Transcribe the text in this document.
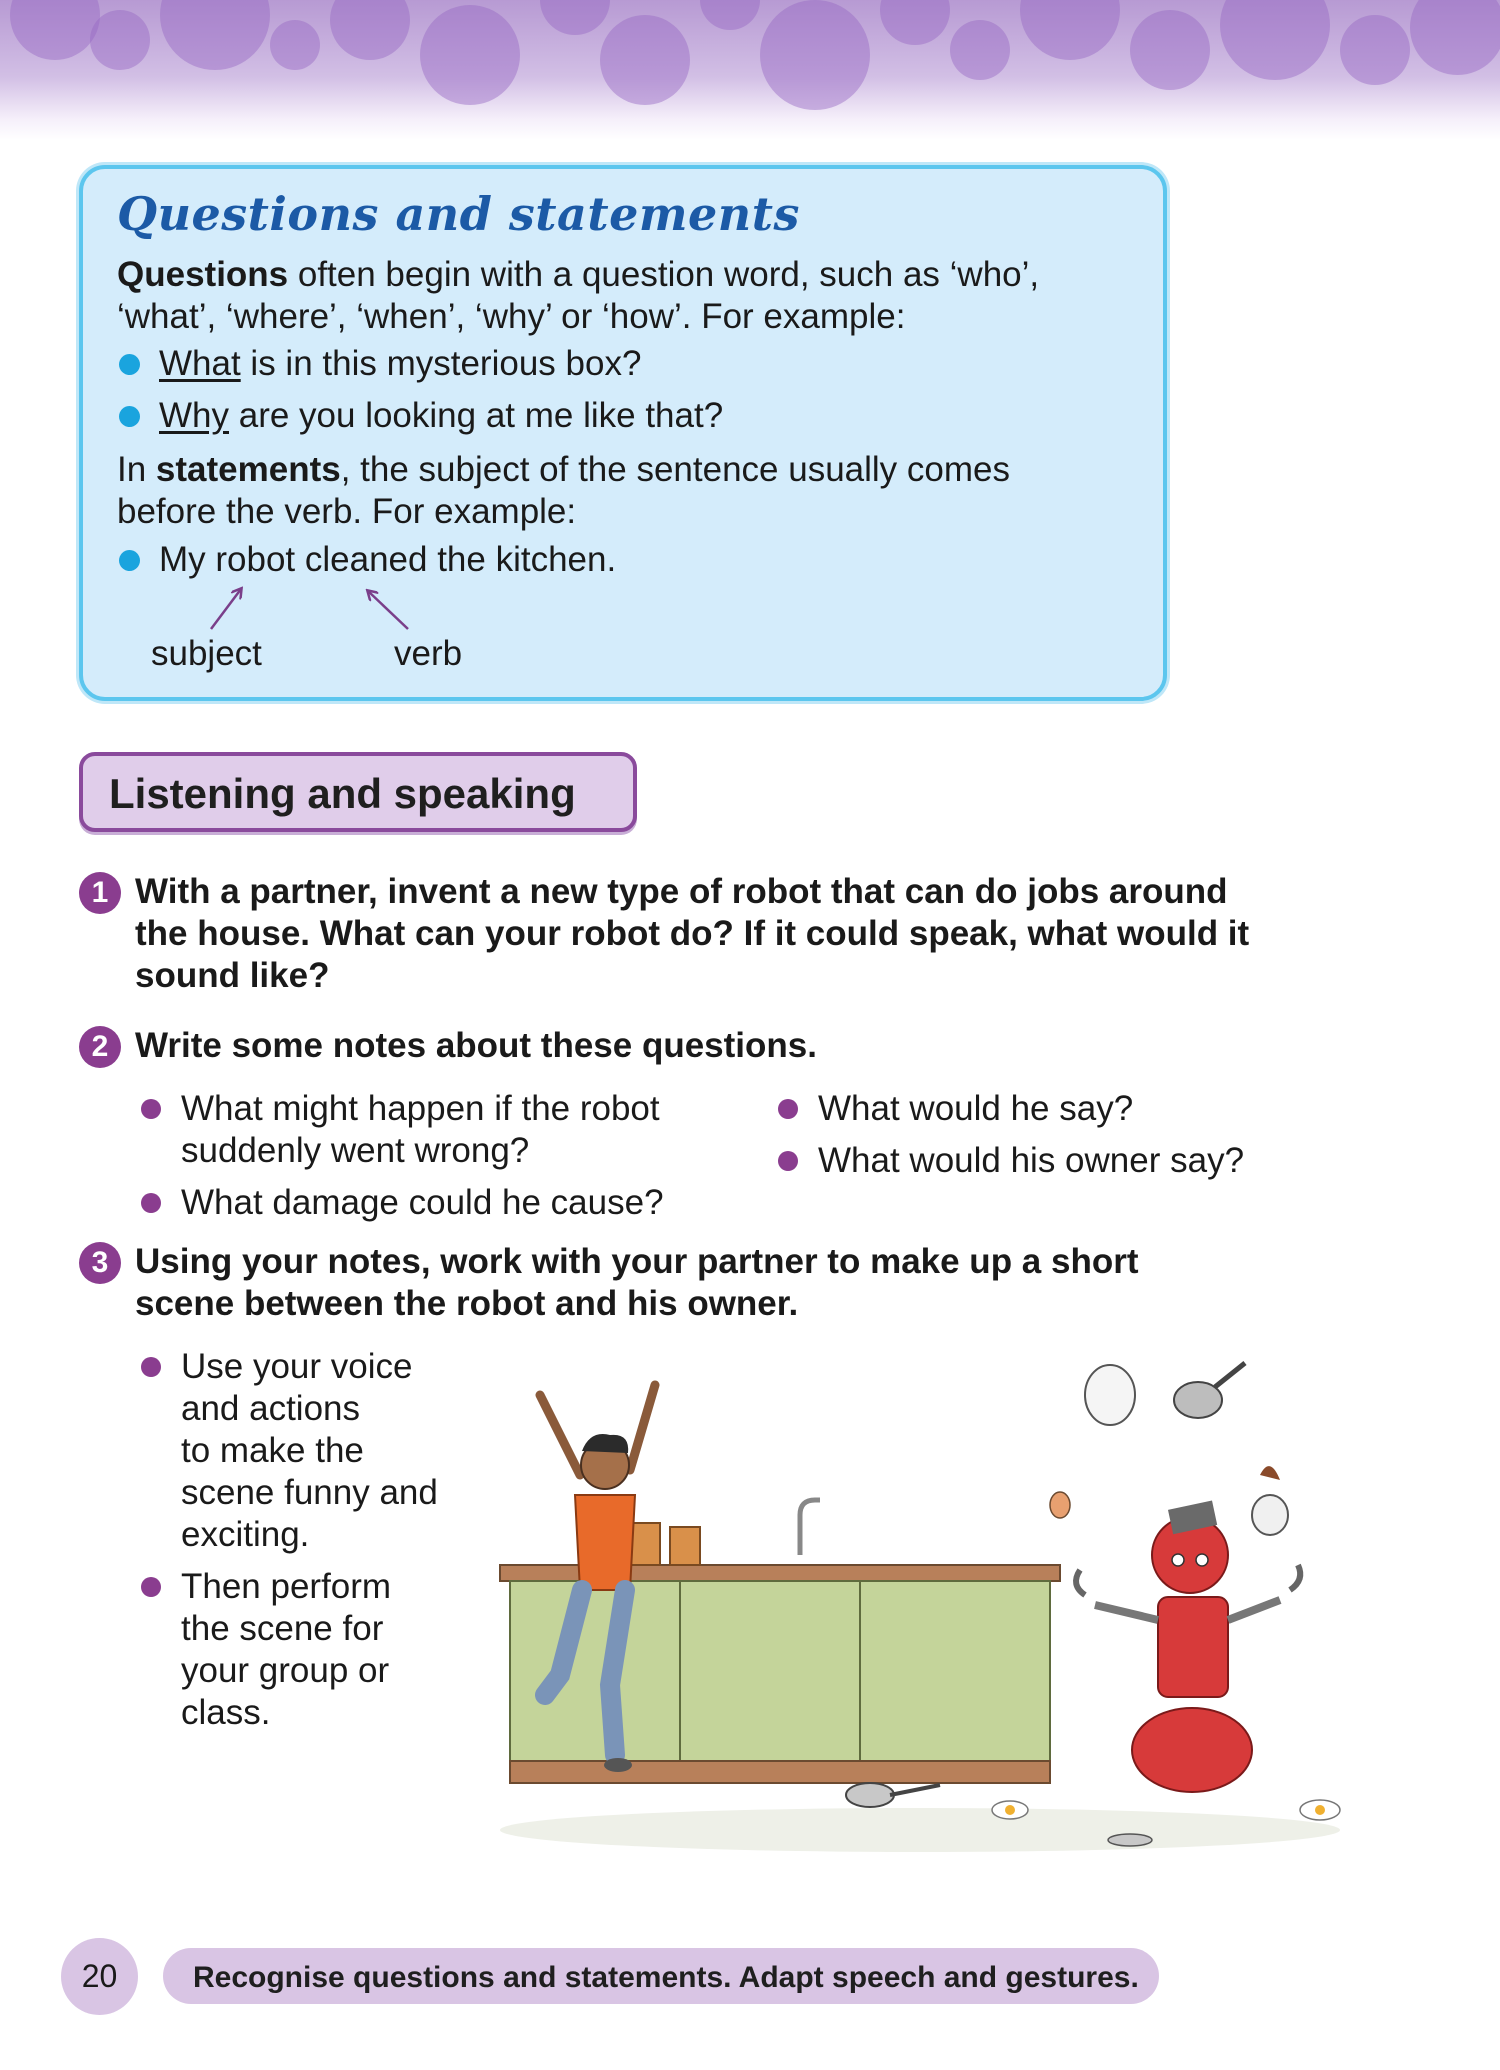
Questions and statements

Questions often begin with a question word, such as ‘who’,
‘what’, ‘where’, ‘when’, ‘why’ or ‘how’. For example:

What is in this mysterious box?
Why are you looking at me like that?

In statements, the subject of the sentence usually comes
before the verb. For example:

My robot cleaned the kitchen.
subject	verb
Listening and speaking
1 With a partner, invent a new type of robot that can do jobs around
the house. What can your robot do? If it could speak, what would it
sound like?

2 Write some notes about these questions.

What might happen if the robot
suddenly went wrong?

What damage could he cause?

What would he say?

What would his owner say?

3 Using your notes, work with your partner to make up a short
scene between the robot and his owner.

Use your voice
and actions
to make the
scene funny and
exciting.

Then perform
the scene for
your group or
class.

20	Recognise questions and statements. Adapt speech and gestures.
